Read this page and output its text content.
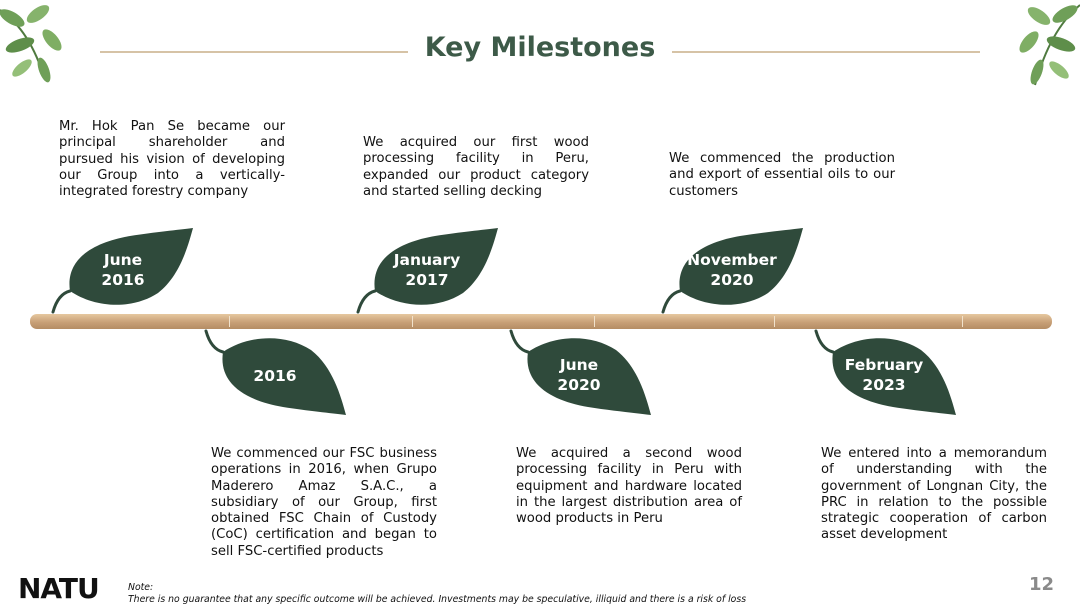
Key Milestones
Mr. Hok Pan Se became our principal shareholder and pursued his vision of developing our Group into a vertically-integrated forestry company
We acquired our first wood processing facility in Peru, expanded our product category and started selling decking
We commenced the production and export of essential oils to our customers
We commenced our FSC business operations in 2016, when Grupo Maderero Amaz S.A.C., a subsidiary of our Group, first obtained FSC Chain of Custody (CoC) certification and began to sell FSC-certified products
We acquired a second wood processing facility in Peru with equipment and hardware located in the largest distribution area of wood products in Peru
We entered into a memorandum of understanding with the government of Longnan City, the PRC in relation to the possible strategic cooperation of carbon asset development
June
2016
January
2017
November
2020
2016
June
2020
February
2023
NATU	Note:
There is no guarantee that any specific outcome will be achieved. Investments may be speculative, illiquid and there is a risk of loss
12
